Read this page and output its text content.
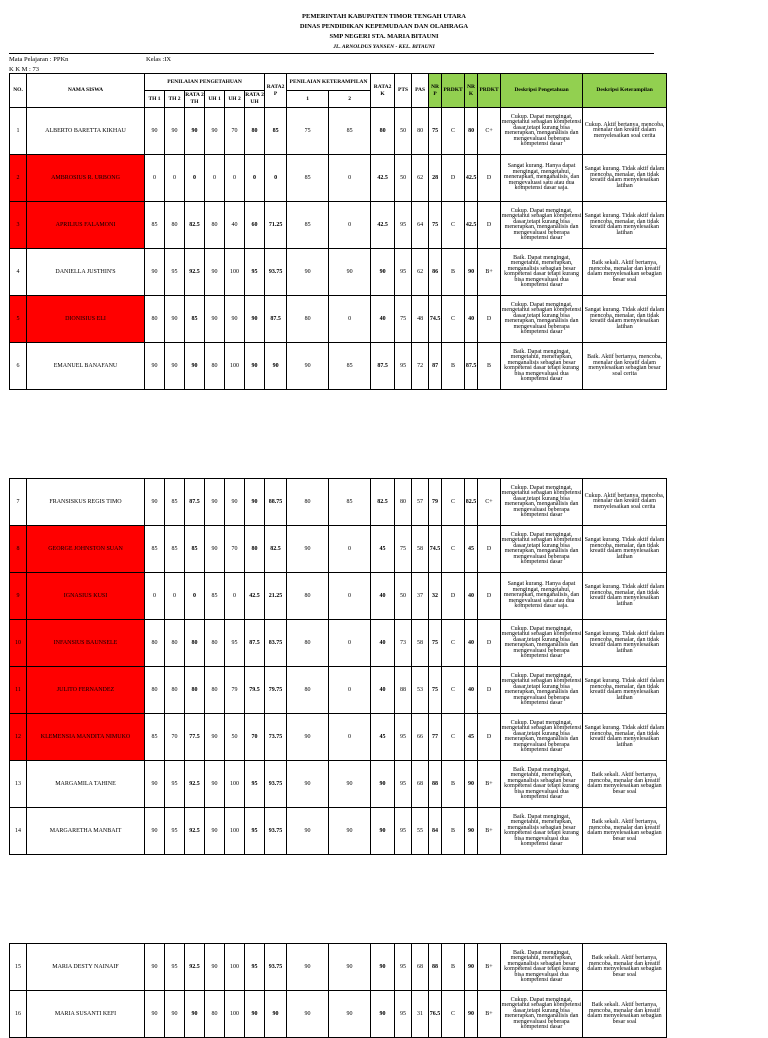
PEMERINTAH KABUPATEN TIMOR TENGAH UTARA
DINAS PENDIDIKAN KEPEMUDAAN DAN OLAHRAGA
SMP NEGERI STA. MARIA BITAUNI
JL. ARNOLDUS YANSEN - KEL. BITAUNI
Mata Pelajaran : PPKn
K K M : 73
Kelas :IX
NO.	NAMA SISWA	PENILAIAN PENGETAHUAN						RATA2 P	PENILAIAN KETERAMPILAN		RATA2 K	PTS	PAS	NR P	PRDKT	NR K	PRDKT	Deskripsi Pengetahuan	Deskripsi Keterampilan
		TH 1	TH 2	RATA 2 TH	UH 1	UH 2	RATA 2 UH		1	2									
1	ALBERTO BARETTA KIKHAU	90	90	90	90	70	80	85	75	85	80	50	80	75	C	80	C+	Cukup. Dapat mengingat, mengetahui sebagian kompetensi dasar,tetapi kurang bisa menerapkan, menganalisis dan mengevaluasi beberapa kompetensi dasar	Cukup. Aktif bertanya, mencoba, menalar dan kreatif dalam menyelesaikan soal cerita
2	AMBROSIUS R. URBONG	0	0	0	0	0	0	0	85	0	42.5	50	62	28	D	42.5	D	Sangat kurang. Hanya dapat mengingat, mengetahui, menerapkan, menganalisis, dan mengevaluasi satu atau dua kompetensi dasar saja.	Sangat kurang. Tidak aktif dalam mencoba, menalar, dan tidak kreatif dalam menyelesaikan latihan
3	APRILIUS FALAMONI	85	80	82.5	80	40	60	71.25	85	0	42.5	95	64	75	C	42.5	D	Cukup. Dapat mengingat, mengetahui sebagian kompetensi dasar,tetapi kurang bisa menerapkan, menganalisis dan mengevaluasi beberapa kompetensi dasar	Sangat kurang. Tidak aktif dalam mencoba, menalar, dan tidak kreatif dalam menyelesaikan latihan
4	DANIELLA JUSTHIN'S	90	95	92.5	90	100	95	93.75	90	90	90	95	62	86	B	90	B+	Baik. Dapat mengingat, mengetahui, menerapkan, menganalisis sebagian besar kompetensi dasar tetapi kurang bisa mengevaluasi dua kompetensi dasar	Baik sekali. Aktif bertanya, mencoba, menalar dan kreatif dalam menyelesaikan sebagian besar soal
5	DIONISIUS ELI	80	90	85	90	90	90	87.5	80	0	40	75	48	74.5	C	40	D	Cukup. Dapat mengingat, mengetahui sebagian kompetensi dasar,tetapi kurang bisa menerapkan, menganalisis dan mengevaluasi beberapa kompetensi dasar	Sangat kurang. Tidak aktif dalam mencoba, menalar, dan tidak kreatif dalam menyelesaikan latihan
6	EMANUEL BANAFANU	90	90	90	80	100	90	90	90	85	87.5	95	72	87	B	87.5	B	Baik. Dapat mengingat, mengetahui, menerapkan, menganalisis sebagian besar kompetensi dasar tetapi kurang bisa mengevaluasi dua kompetensi dasar	Baik. Aktif bertanya, mencoba, menalar dan kreatif dalam menyelesaikan sebagian besar soal cerita
7	FRANSISKUS REGIS TIMO	90	85	87.5	90	90	90	88.75	80	85	82.5	80	57	79	C	82.5	C+	Cukup. Dapat mengingat, mengetahui sebagian kompetensi dasar,tetapi kurang bisa menerapkan, menganalisis dan mengevaluasi beberapa kompetensi dasar	Cukup. Aktif bertanya, mencoba, menalar dan kreatif dalam menyelesaikan soal cerita
8	GEORGE JOHNSTON SUAN	85	85	85	90	70	80	82.5	90	0	45	75	58	74.5	C	45	D	Cukup. Dapat mengingat, mengetahui sebagian kompetensi dasar,tetapi kurang bisa menerapkan, menganalisis dan mengevaluasi beberapa kompetensi dasar	Sangat kurang. Tidak aktif dalam mencoba, menalar, dan tidak kreatif dalam menyelesaikan latihan
9	IGNASIUS KUSI	0	0	0	85	0	42.5	21.25	80	0	40	50	37	32	D	40	D	Sangat kurang. Hanya dapat mengingat, mengetahui, menerapkan, menganalisis, dan mengevaluasi satu atau dua kompetensi dasar saja.	Sangat kurang. Tidak aktif dalam mencoba, menalar, dan tidak kreatif dalam menyelesaikan latihan
10	INFANSIUS BAUNSELE	80	80	80	80	95	87.5	83.75	80	0	40	73	58	75	C	40	D	Cukup. Dapat mengingat, mengetahui sebagian kompetensi dasar,tetapi kurang bisa menerapkan, menganalisis dan mengevaluasi beberapa kompetensi dasar	Sangat kurang. Tidak aktif dalam mencoba, menalar, dan tidak kreatif dalam menyelesaikan latihan
11	JULITO FERNANDEZ	80	80	80	80	79	79.5	79.75	80	0	40	88	53	75	C	40	D	Cukup. Dapat mengingat, mengetahui sebagian kompetensi dasar,tetapi kurang bisa menerapkan, menganalisis dan mengevaluasi beberapa kompetensi dasar	Sangat kurang. Tidak aktif dalam mencoba, menalar, dan tidak kreatif dalam menyelesaikan latihan
12	KLEMENSIA MANDITA NIMUKO	85	70	77.5	90	50	70	73.75	90	0	45	95	66	77	C	45	D	Cukup. Dapat mengingat, mengetahui sebagian kompetensi dasar,tetapi kurang bisa menerapkan, menganalisis dan mengevaluasi beberapa kompetensi dasar	Sangat kurang. Tidak aktif dalam mencoba, menalar, dan tidak kreatif dalam menyelesaikan latihan
13	MARGAMILA TAHINE	90	95	92.5	90	100	95	93.75	90	90	90	95	68	88	B	90	B+	Baik. Dapat mengingat, mengetahui, menerapkan, menganalisis sebagian besar kompetensi dasar tetapi kurang bisa mengevaluasi dua kompetensi dasar	Baik sekali. Aktif bertanya, mencoba, menalar dan kreatif dalam menyelesaikan sebagian besar soal
14	MARGARETHA MANBAIT	90	95	92.5	90	100	95	93.75	90	90	90	95	55	84	B	90	B+	Baik. Dapat mengingat, mengetahui, menerapkan, menganalisis sebagian besar kompetensi dasar tetapi kurang bisa mengevaluasi dua kompetensi dasar	Baik sekali. Aktif bertanya, mencoba, menalar dan kreatif dalam menyelesaikan sebagian besar soal
15	MARIA DESTY NAINAIF	90	95	92.5	90	100	95	93.75	90	90	90	95	68	88	B	90	B+	Baik. Dapat mengingat, mengetahui, menerapkan, menganalisis sebagian besar kompetensi dasar tetapi kurang bisa mengevaluasi dua kompetensi dasar	Baik sekali. Aktif bertanya, mencoba, menalar dan kreatif dalam menyelesaikan sebagian besar soal
16	MARIA SUSANTI KEFI	90	90	90	80	100	90	90	90	90	90	95	31	76.5	C	90	B+	Cukup. Dapat mengingat, mengetahui sebagian kompetensi dasar,tetapi kurang bisa menerapkan, menganalisis dan mengevaluasi beberapa kompetensi dasar	Baik sekali. Aktif bertanya, mencoba, menalar dan kreatif dalam menyelesaikan sebagian besar soal
